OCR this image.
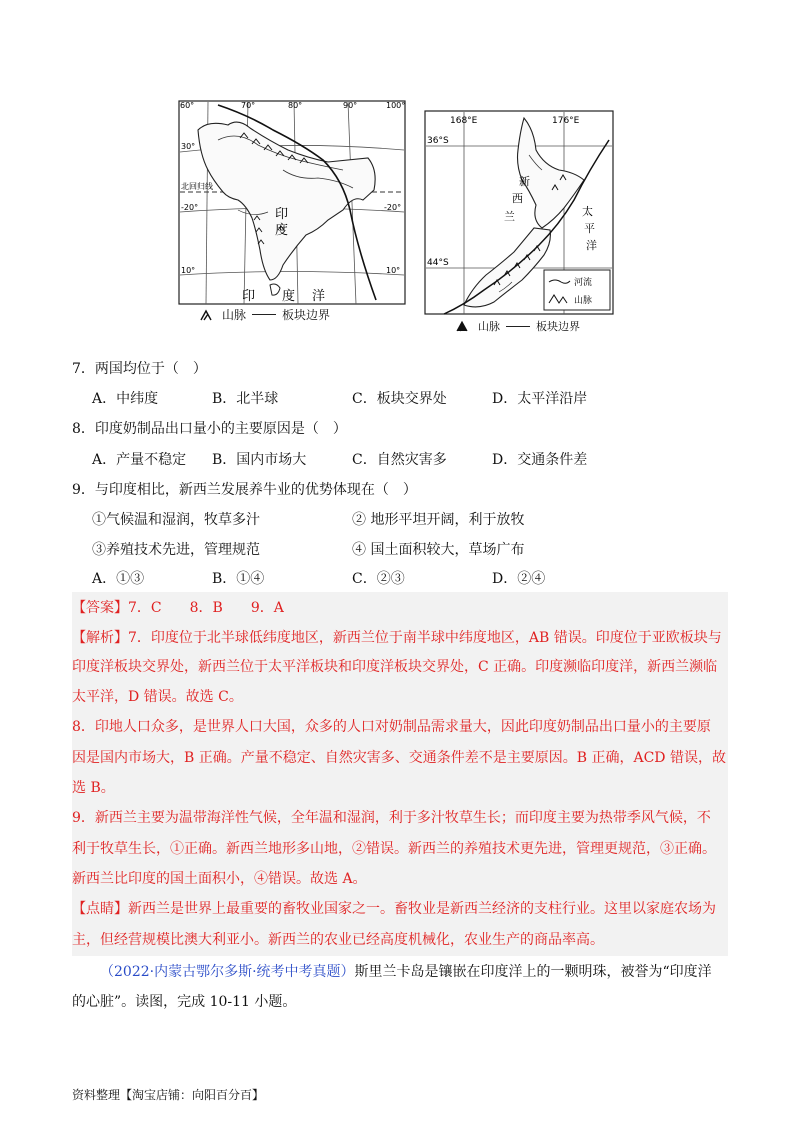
60°	70°	80°	90°	100°
30°
-20°	-20°
10°	10°
北回归线
印
度
印 度 洋
山脉	板块边界
168°E	176°E
36°S
44°S
新
西
兰	太
平
洋
河流
山脉
山脉	板块边界
7．两国均位于（　）
A．中纬度	B．北半球	C．板块交界处	D．太平洋沿岸
8．印度奶制品出口量小的主要原因是（　）
A．产量不稳定 B．国内市场大	C．自然灾害多	D．交通条件差
9．与印度相比，新西兰发展养牛业的优势体现在（　）
①气候温和湿润，牧草多汁	② 地形平坦开阔，利于放牧
③养殖技术先进，管理规范	④ 国土面积较大，草场广布
A．①③	B．①④	C．②③	D．②④
【答案】7．C　　8．B　　9．A
【解析】7．印度位于北半球低纬度地区，新西兰位于南半球中纬度地区，AB 错误。印度位于亚欧板块与
印度洋板块交界处，新西兰位于太平洋板块和印度洋板块交界处，C 正确。印度濒临印度洋，新西兰濒临
太平洋，D 错误。故选 C。
8．印地人口众多，是世界人口大国，众多的人口对奶制品需求量大，因此印度奶制品出口量小的主要原
因是国内市场大，B 正确。产量不稳定、自然灾害多、交通条件差不是主要原因。B 正确，ACD 错误，故
选 B。
9．新西兰主要为温带海洋性气候，全年温和湿润，利于多汁牧草生长；而印度主要为热带季风气候，不
利于牧草生长，①正确。新西兰地形多山地，②错误。新西兰的养殖技术更先进，管理更规范，③正确。
新西兰比印度的国土面积小，④错误。故选 A。
【点睛】新西兰是世界上最重要的畜牧业国家之一。畜牧业是新西兰经济的支柱行业。这里以家庭农场为
主，但经营规模比澳大利亚小。新西兰的农业已经高度机械化，农业生产的商品率高。
（2022·内蒙古鄂尔多斯·统考中考真题）斯里兰卡岛是镶嵌在印度洋上的一颗明珠，被誉为“印度洋
的心脏”。读图，完成 10-11 小题。
资料整理【淘宝店铺：向阳百分百】
